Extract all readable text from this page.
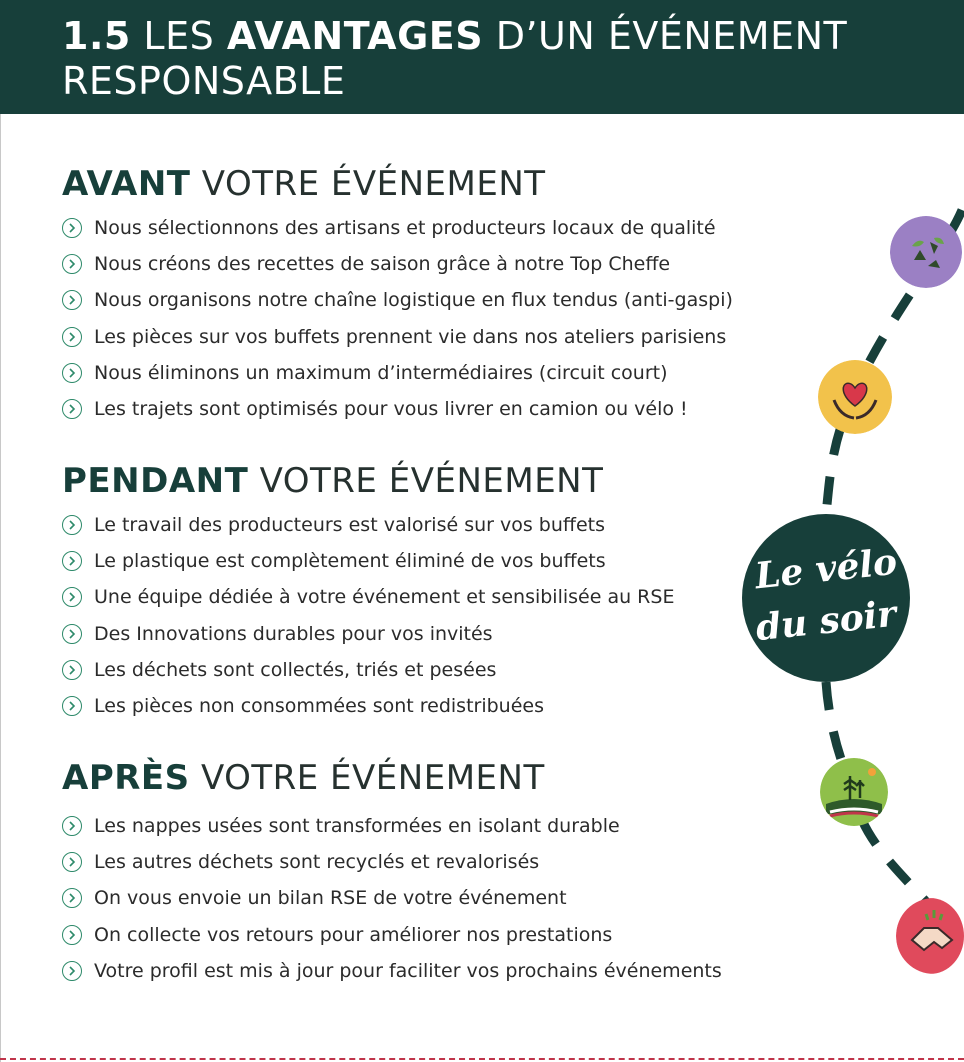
1.5 LES AVANTAGES D’UN ÉVÉNEMENT RESPONSABLE
AVANT VOTRE ÉVÉNEMENT
Nous sélectionnons des artisans et producteurs locaux de qualité
Nous créons des recettes de saison grâce à notre Top Cheffe
Nous organisons notre chaîne logistique en flux tendus (anti-gaspi)
Les pièces sur vos buffets prennent vie dans nos ateliers parisiens
Nous éliminons un maximum d’intermédiaires (circuit court)
Les trajets sont optimisés pour vous livrer en camion ou vélo !
PENDANT VOTRE ÉVÉNEMENT
Le travail des producteurs est valorisé sur vos buffets
Le plastique est complètement éliminé de vos buffets
Une équipe dédiée à votre événement et sensibilisée au RSE
Des Innovations durables pour vos invités
Les déchets sont collectés, triés et pesées
Les pièces non consommées sont redistribuées
APRÈS VOTRE ÉVÉNEMENT
Les nappes usées sont transformées en isolant durable
Les autres déchets sont recyclés et revalorisés
On vous envoie un bilan RSE de votre événement
On collecte vos retours pour améliorer nos prestations
Votre profil est mis à jour pour faciliter vos prochains événements
Le vélo
du soir
